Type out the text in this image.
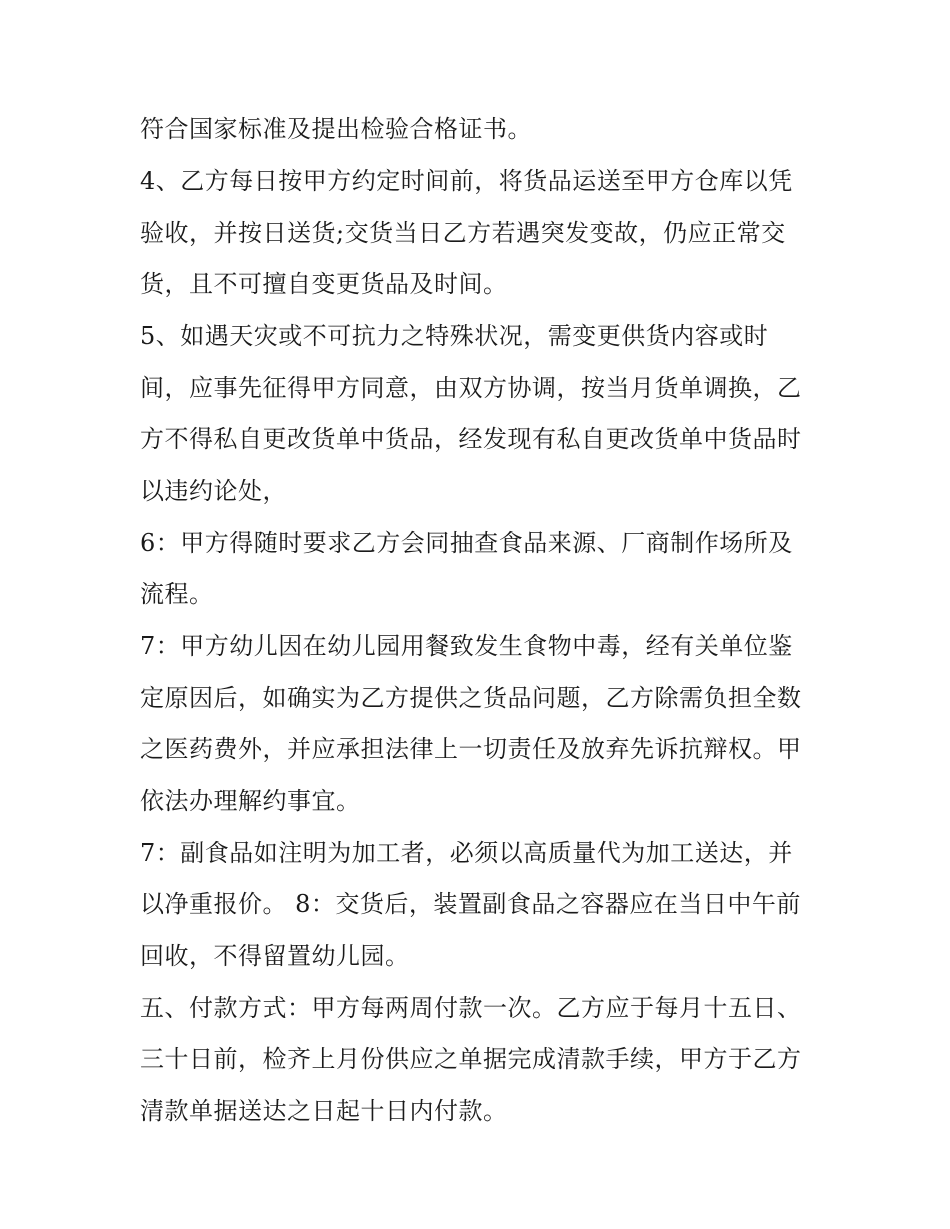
符合国家标准及提出检验合格证书。
4、乙方每日按甲方约定时间前，将货品运送至甲方仓库以凭
验收，并按日送货;交货当日乙方若遇突发变故，仍应正常交
货，且不可擅自变更货品及时间。
5、如遇天灾或不可抗力之特殊状况，需变更供货内容或时
间，应事先征得甲方同意，由双方协调，按当月货单调换，乙
方不得私自更改货单中货品，经发现有私自更改货单中货品时
以违约论处，
6：甲方得随时要求乙方会同抽查食品来源、厂商制作场所及
流程。
7：甲方幼儿因在幼儿园用餐致发生食物中毒，经有关单位鉴
定原因后，如确实为乙方提供之货品问题，乙方除需负担全数
之医药费外，并应承担法律上一切责任及放弃先诉抗辩权。甲
依法办理解约事宜。
7：副食品如注明为加工者，必须以高质量代为加工送达，并
以净重报价。 8：交货后，装置副食品之容器应在当日中午前
回收，不得留置幼儿园。
五、付款方式：甲方每两周付款一次。乙方应于每月十五日、
三十日前，检齐上月份供应之单据完成清款手续，甲方于乙方
清款单据送达之日起十日内付款。
